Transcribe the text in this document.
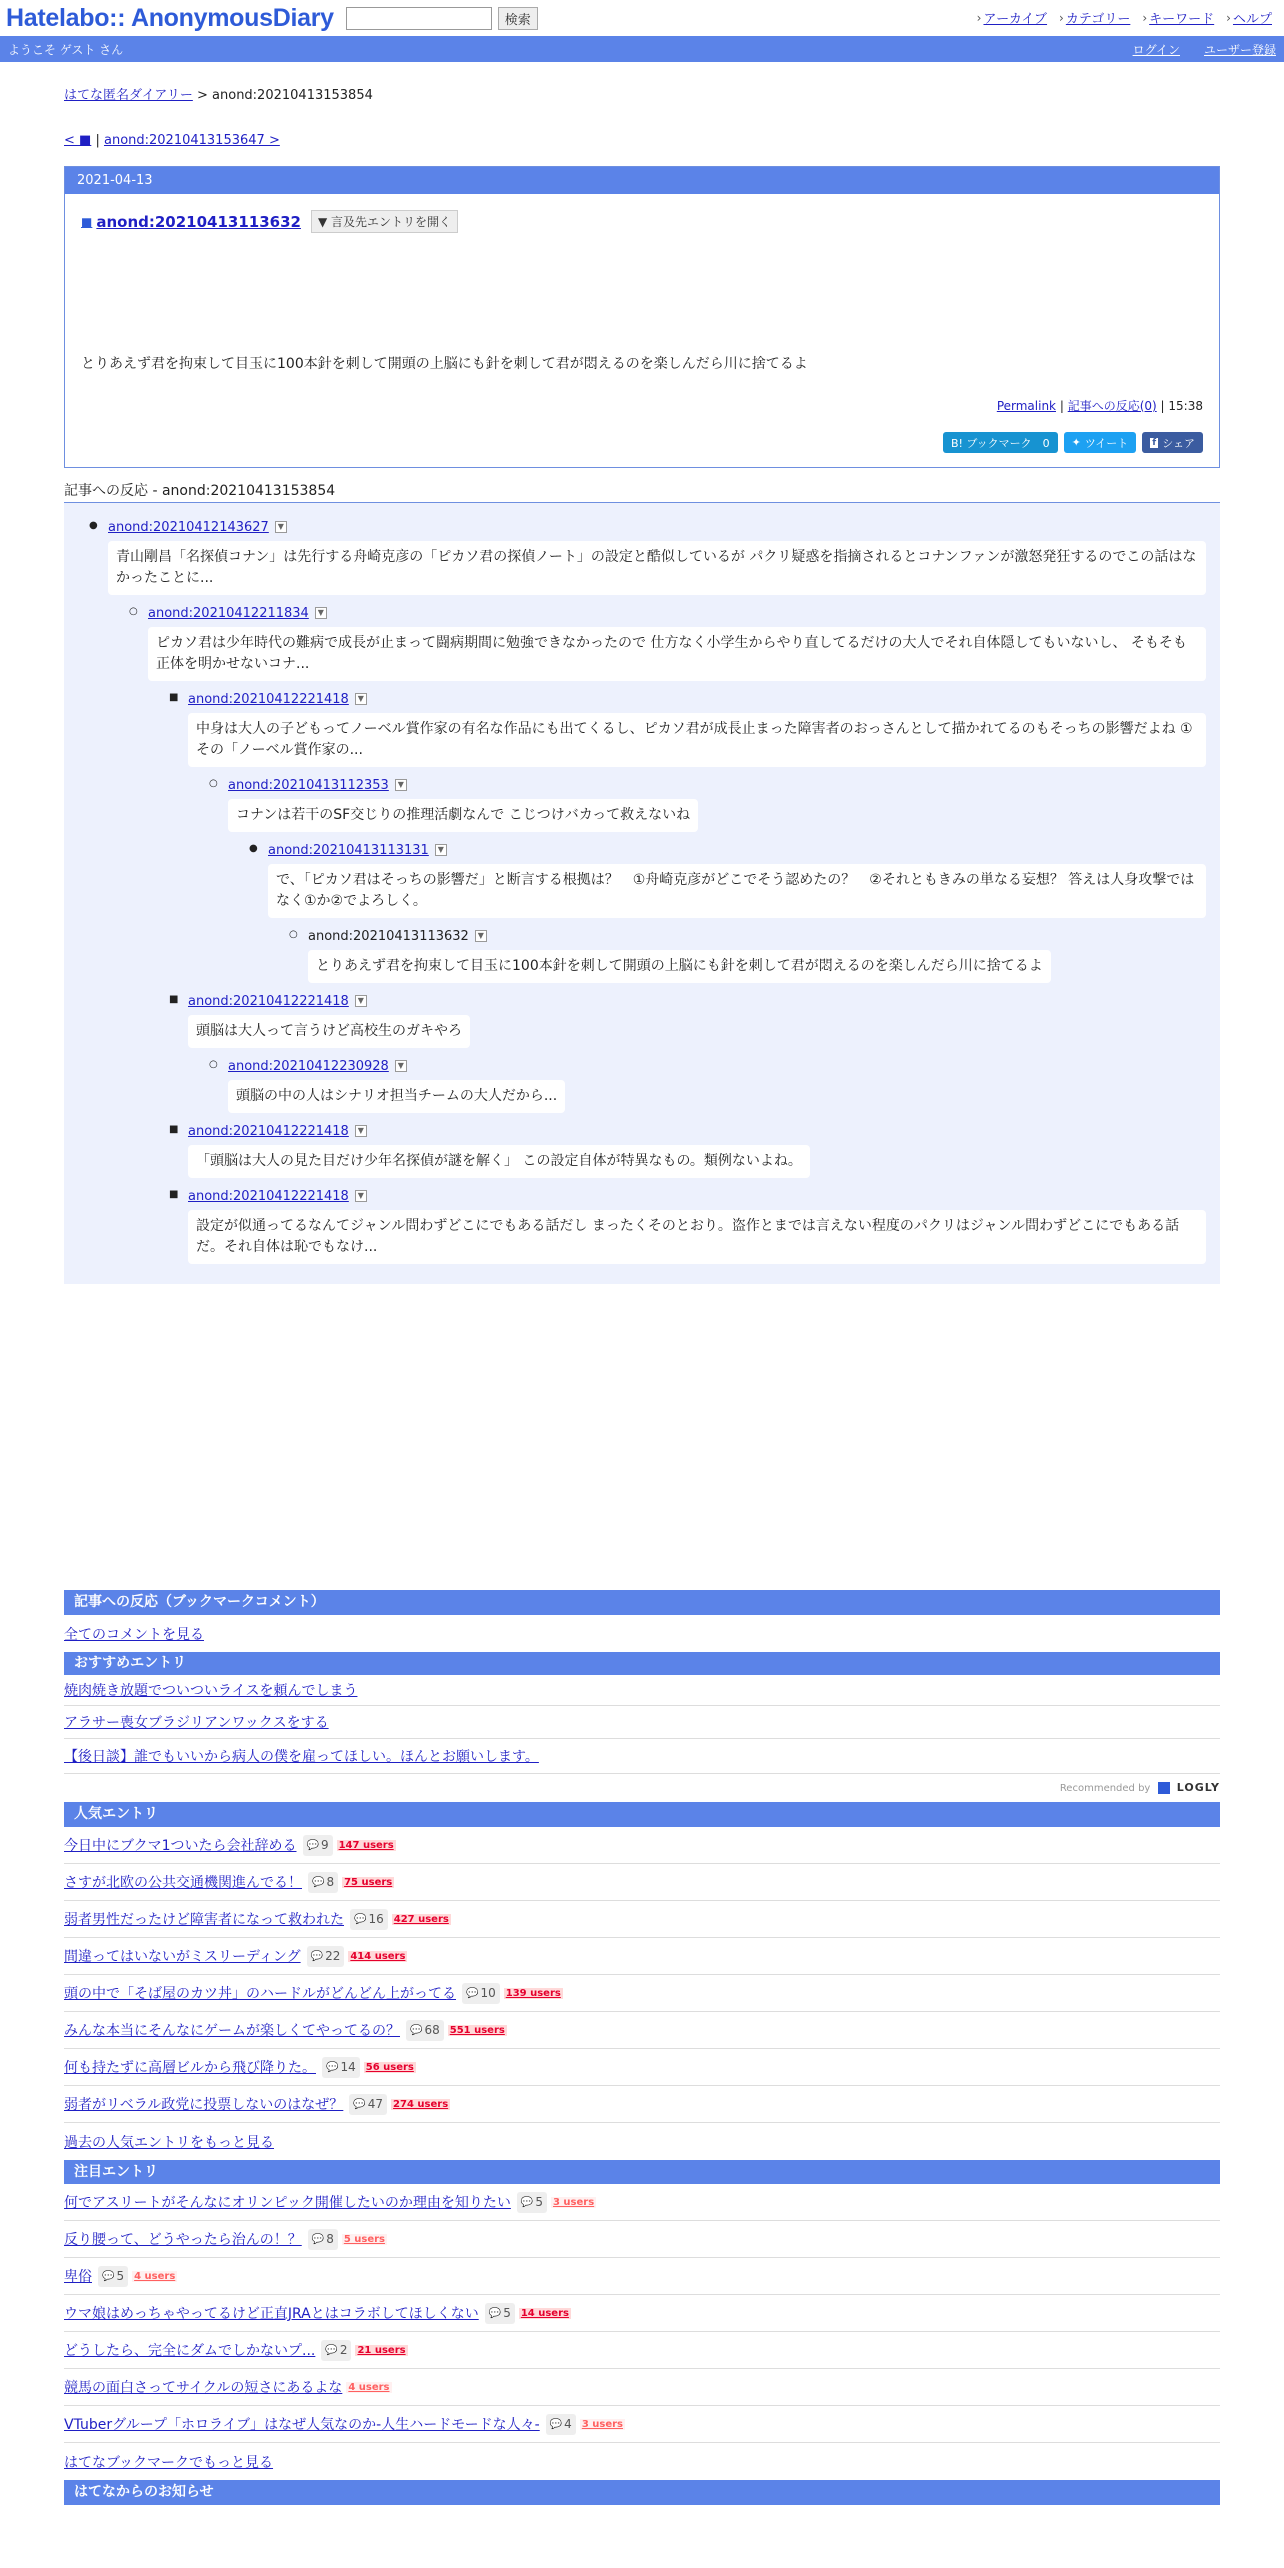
Hatelabo:: AnonymousDiary	検索	⁠› アーカイブ › カテゴリー › キーワード › ヘルプ
ようこそ ゲスト さん	ログイン ユーザー登録
はてな匿名ダイアリー > anond:20210413153854
< ■ | anond:20210413153647 >
2021-04-13
■ anond:20210413113632	▼ 言及先エントリを開く
とりあえず君を拘束して目玉に100本針を刺して開頭の上脳にも針を刺して君が悶えるのを楽しんだら川に捨てるよ
Permalink | 記事への反応(0) | 15:38
B! ブックマーク　0	✦ ツイート	f シェア
記事への反応 - anond:20210413153854
● anond:20210412143627	▼
青山剛昌「名探偵コナン」は先行する舟崎克彦の「ピカソ君の探偵ノート」の設定と酷似しているが パクリ疑惑を指摘されるとコナンファンが激怒発狂するのでこの話はなかったことに...
○ anond:20210412211834	▼
ピカソ君は少年時代の難病で成長が止まって闘病期間に勉強できなかったので 仕方なく小学生からやり直してるだけの大人でそれ自体隠してもいないし、 そもそも正体を明かせないコナ...
■ anond:20210412221418	▼
中身は大人の子どもってノーベル賞作家の有名な作品にも出てくるし、ピカソ君が成長止まった障害者のおっさんとして描かれてるのもそっちの影響だよね ①その「ノーベル賞作家の...
○ anond:20210413112353	▼
コナンは若干のSF交じりの推理活劇なんで こじつけバカって救えないね
● anond:20210413113131	▼
で、「ピカソ君はそっちの影響だ」と断言する根拠は？　①舟崎克彦がどこでそう認めたの？　②それともきみの単なる妄想？ 答えは人身攻撃ではなく①か②でよろしく。
○ anond:20210413113632	▼
とりあえず君を拘束して目玉に100本針を刺して開頭の上脳にも針を刺して君が悶えるのを楽しんだら川に捨てるよ
■ anond:20210412221418	▼
頭脳は大人って言うけど高校生のガキやろ
○ anond:20210412230928	▼
頭脳の中の人はシナリオ担当チームの大人だから...
■ anond:20210412221418	▼
「頭脳は大人の見た目だけ少年名探偵が謎を解く」 この設定自体が特異なもの。類例ないよね。
■ anond:20210412221418	▼
設定が似通ってるなんてジャンル問わずどこにでもある話だし まったくそのとおり。盗作とまでは言えない程度のパクリはジャンル問わずどこにでもある話だ。それ自体は恥でもなけ...
記事への反応（ブックマークコメント）
全てのコメントを見る
おすすめエントリ
焼肉焼き放題でついついライスを頼んでしまう
アラサー喪女ブラジリアンワックスをする
【後日談】誰でもいいから病人の僕を雇ってほしい。ほんとお願いします。
Recommended by LOGLY
人気エントリ
今日中にブクマ1ついたら会社辞める 💬 9 147 users
さすが北欧の公共交通機関進んでる！ 💬 8 75 users
弱者男性だったけど障害者になって救われた 💬 16 427 users
間違ってはいないがミスリーディング 💬 22 414 users
頭の中で「そば屋のカツ丼」のハードルがどんどん上がってる 💬 10 139 users
みんな本当にそんなにゲームが楽しくてやってるの？ 💬 68 551 users
何も持たずに高層ビルから飛び降りた。 💬 14 56 users
弱者がリベラル政党に投票しないのはなぜ？ 💬 47 274 users
過去の人気エントリをもっと見る
注目エントリ
何でアスリートがそんなにオリンピック開催したいのか理由を知りたい 💬 5 3 users
反り腰って、どうやったら治んの！？ 💬 8 5 users
卑俗 💬 5 4 users
ウマ娘はめっちゃやってるけど正直JRAとはコラボしてほしくない 💬 5 14 users
どうしたら、完全にダムでしかないプ... 💬 2 21 users
競馬の面白さってサイクルの短さにあるよな 4 users
VTuberグループ「ホロライブ」はなぜ人気なのか-人生ハードモードな人々- 💬 4 3 users
はてなブックマークでもっと見る
はてなからのお知らせ
